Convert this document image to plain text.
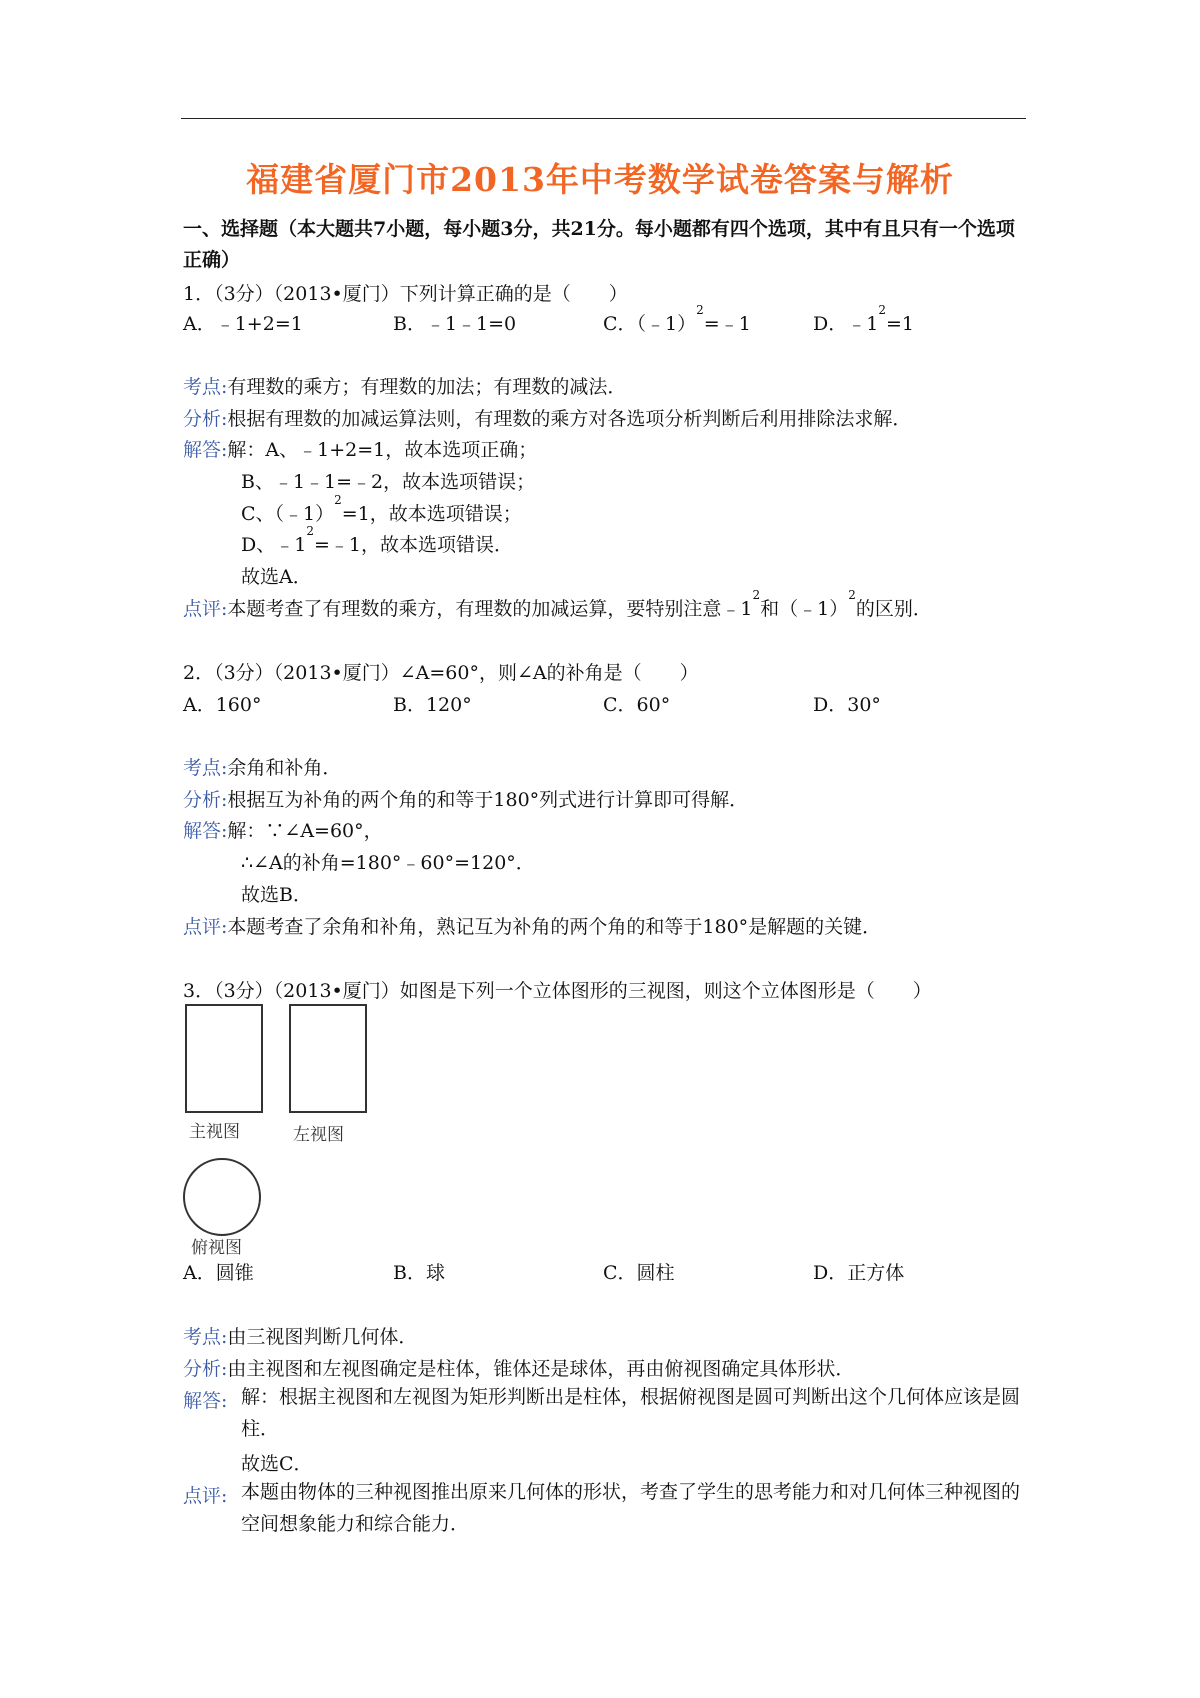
福建省厦门市2013年中考数学试卷答案与解析
一、选择题（本大题共7小题，每小题3分，共21分。每小题都有四个选项，其中有且只有一个选项正确）
1．（3分）（2013•厦门）下列计算正确的是（　　）
A．﹣1+2=1	B．﹣1﹣1=0	C．（﹣1）$^2$=﹣1	D．$﹣1^2=1$
考点:有理数的乘方；有理数的加法；有理数的减法．
分析:根据有理数的加减运算法则，有理数的乘方对各选项分析判断后利用排除法求解．
解答:解：A、﹣1+2=1，故本选项正确；
B、﹣1﹣1=﹣2，故本选项错误；
C、（﹣1）$^2$=1，故本选项错误；
D、$﹣1^2=﹣1$，故本选项错误．
故选A．
点评:本题考查了有理数的乘方，有理数的加减运算，要特别注意$﹣1^2$和（﹣1）$^2$的区别．
2．（3分）（2013•厦门）∠A=60°，则∠A的补角是（　　）
A．160°	B．120°	C．60°	D．30°
考点:余角和补角．
分析:根据互为补角的两个角的和等于180°列式进行计算即可得解．
解答:解：∵∠A=60°，
∴∠A的补角=180°﹣60°=120°．
故选B．
点评:本题考查了余角和补角，熟记互为补角的两个角的和等于180°是解题的关键．
3．（3分）（2013•厦门）如图是下列一个立体图形的三视图，则这个立体图形是（　　）
主视图	左视图
俯视图
A．圆锥	B．球	C．圆柱	D．正方体
考点:由三视图判断几何体．
分析:由主视图和左视图确定是柱体，锥体还是球体，再由俯视图确定具体形状．
解答: 解：根据主视图和左视图为矩形判断出是柱体，根据俯视图是圆可判断出这个几何体应该是圆柱．
故选C．
点评: 本题由物体的三种视图推出原来几何体的形状，考查了学生的思考能力和对几何体三种视图的空间想象能力和综合能力．
